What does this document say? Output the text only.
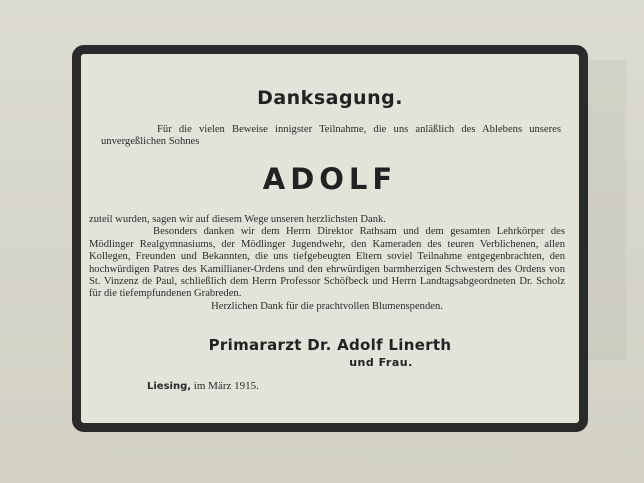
Danksagung.
Für die vielen Beweise innigster Teilnahme, die uns anläßlich des Ablebens unseres unvergeßlichen Sohnes
ADOLF

zuteil wurden, sagen wir auf diesem Wege unseren herzlichsten Dank.

Besonders danken wir dem Herrn Direktor Rathsam und dem gesamten Lehrkörper des Mödlinger Realgymnasiums, der Mödlinger Jugendwehr, den Kameraden des teuren Verblichenen, allen Kollegen, Freunden und Bekannten, die uns tiefgebeugten Eltern soviel Teilnahme entgegenbrachten, den hochwürdigen Patres des Kamillianer-Ordens und den ehrwürdigen barmherzigen Schwestern des Ordens von St. Vinzenz de Paul, schließlich dem Herrn Professor Schöfbeck und Herrn Landtagsabgeordneten Dr. Scholz für die tiefempfundenen Grabreden.

Herzlichen Dank für die prachtvollen Blumenspenden.

Primararzt Dr. Adolf Linerth
und Frau.
Liesing, im März 1915.
